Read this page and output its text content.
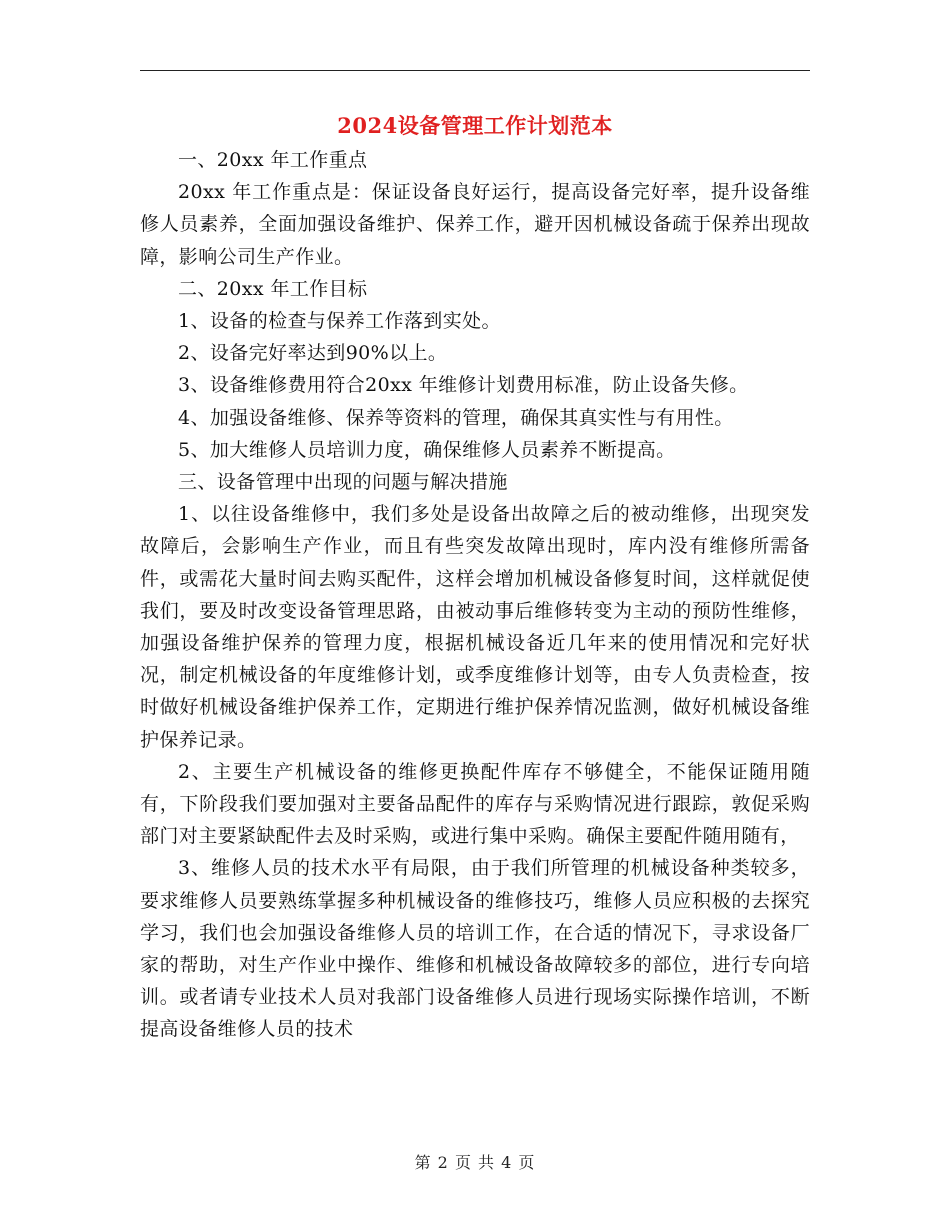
2024设备管理工作计划范本

一、20xx 年工作重点

20xx 年工作重点是：保证设备良好运行，提高设备完好率，提升设备维修人员素养，全面加强设备维护、保养工作，避开因机械设备疏于保养出现故障，影响公司生产作业。

二、20xx 年工作目标

1、设备的检查与保养工作落到实处。

2、设备完好率达到90%以上。

3、设备维修费用符合20xx 年维修计划费用标准，防止设备失修。

4、加强设备维修、保养等资料的管理，确保其真实性与有用性。

5、加大维修人员培训力度，确保维修人员素养不断提高。

三、设备管理中出现的问题与解决措施

1、以往设备维修中，我们多处是设备出故障之后的被动维修，出现突发故障后，会影响生产作业，而且有些突发故障出现时，库内没有维修所需备件，或需花大量时间去购买配件，这样会增加机械设备修复时间，这样就促使我们，要及时改变设备管理思路，由被动事后维修转变为主动的预防性维修，加强设备维护保养的管理力度，根据机械设备近几年来的使用情况和完好状况，制定机械设备的年度维修计划，或季度维修计划等，由专人负责检查，按时做好机械设备维护保养工作，定期进行维护保养情况监测，做好机械设备维护保养记录。

2、主要生产机械设备的维修更换配件库存不够健全，不能保证随用随有，下阶段我们要加强对主要备品配件的库存与采购情况进行跟踪，敦促采购部门对主要紧缺配件去及时采购，或进行集中采购。确保主要配件随用随有，

3、维修人员的技术水平有局限，由于我们所管理的机械设备种类较多，要求维修人员要熟练掌握多种机械设备的维修技巧，维修人员应积极的去探究学习，我们也会加强设备维修人员的培训工作，在合适的情况下，寻求设备厂家的帮助，对生产作业中操作、维修和机械设备故障较多的部位，进行专向培训。或者请专业技术人员对我部门设备维修人员进行现场实际操作培训，不断提高设备维修人员的技术

第 2 页 共 4 页
